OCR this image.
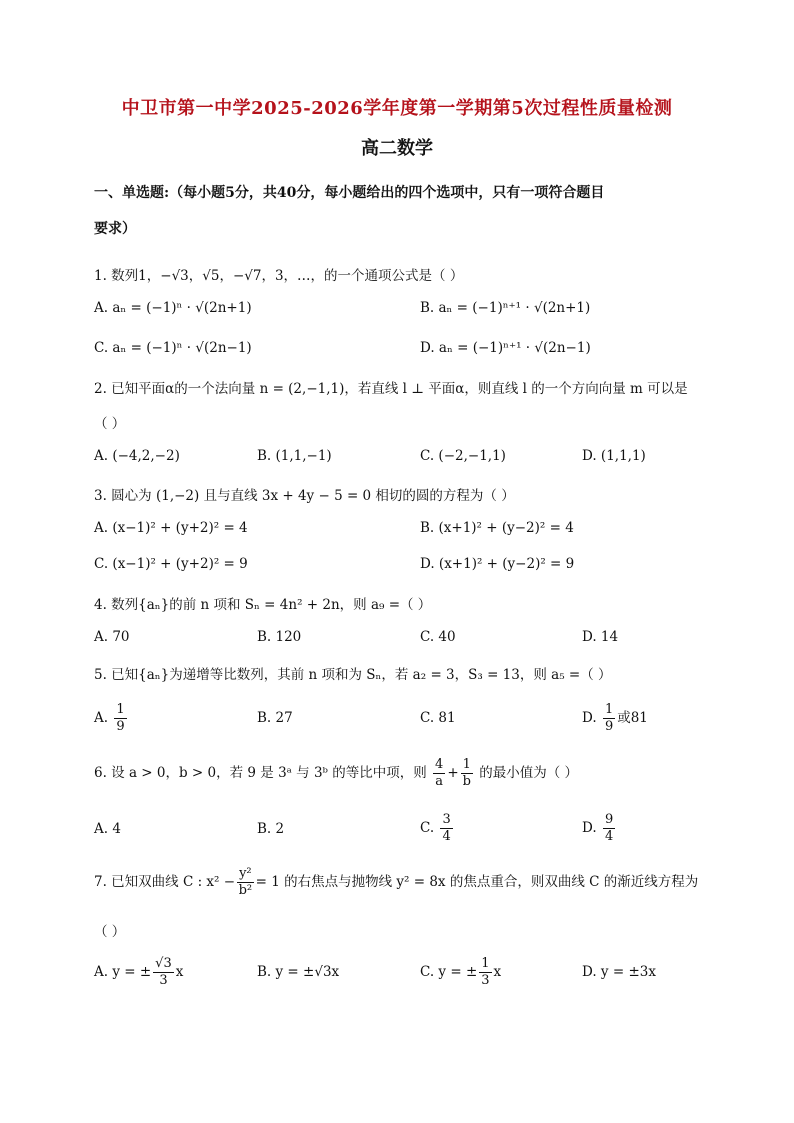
中卫市第一中学2025-2026学年度第一学期第5次过程性质量检测
高二数学
一、单选题:（每小题5分，共40分，每小题给出的四个选项中，只有一项符合题目
要求）
1. 数列1，−√3，√5，−√7，3，…，的一个通项公式是（ ）
A. aₙ = (−1)ⁿ · √(2n+1)	B. aₙ = (−1)ⁿ⁺¹ · √(2n+1)
C. aₙ = (−1)ⁿ · √(2n−1)	D. aₙ = (−1)ⁿ⁺¹ · √(2n−1)
2. 已知平面α的一个法向量 n = (2,−1,1)，若直线 l ⊥ 平面α，则直线 l 的一个方向向量 m 可以是
（ ）
A. (−4,2,−2)	B. (1,1,−1)	C. (−2,−1,1)	D. (1,1,1)
3. 圆心为 (1,−2) 且与直线 3x + 4y − 5 = 0 相切的圆的方程为（ ）
A. (x−1)² + (y+2)² = 4	B. (x+1)² + (y−2)² = 4
C. (x−1)² + (y+2)² = 9	D. (x+1)² + (y−2)² = 9
4. 数列{aₙ}的前 n 项和 Sₙ = 4n² + 2n，则 a₉ =（ ）
A. 70	B. 120	C. 40	D. 14
5. 已知{aₙ}为递增等比数列，其前 n 项和为 Sₙ，若 a₂ = 3，S₃ = 13，则 a₅ =（ ）
A. $\frac{1}{9}$	B. 27	C. 81	D. $\frac{1}{9}$ 或81
6. 设 a > 0，b > 0，若 9 是 3ᵃ 与 3ᵇ 的等比中项，则 $\frac{4}{a} + \frac{1}{b}$ 的最小值为（ ）
A. 4	B. 2	C. $\frac{3}{4}$	D. $\frac{9}{4}$
7. 已知双曲线 C : $x^2 - \frac{\text{y²}}{\text{b²}} = 1$ 的右焦点与抛物线 y² = 8x 的焦点重合，则双曲线 C 的渐近线方程为
（ ）
A. y = ± $\frac{√3}{3}$ x	B. y = ±√3x	C. y = ± $\frac{1}{3}$ x	D. y = ±3x
